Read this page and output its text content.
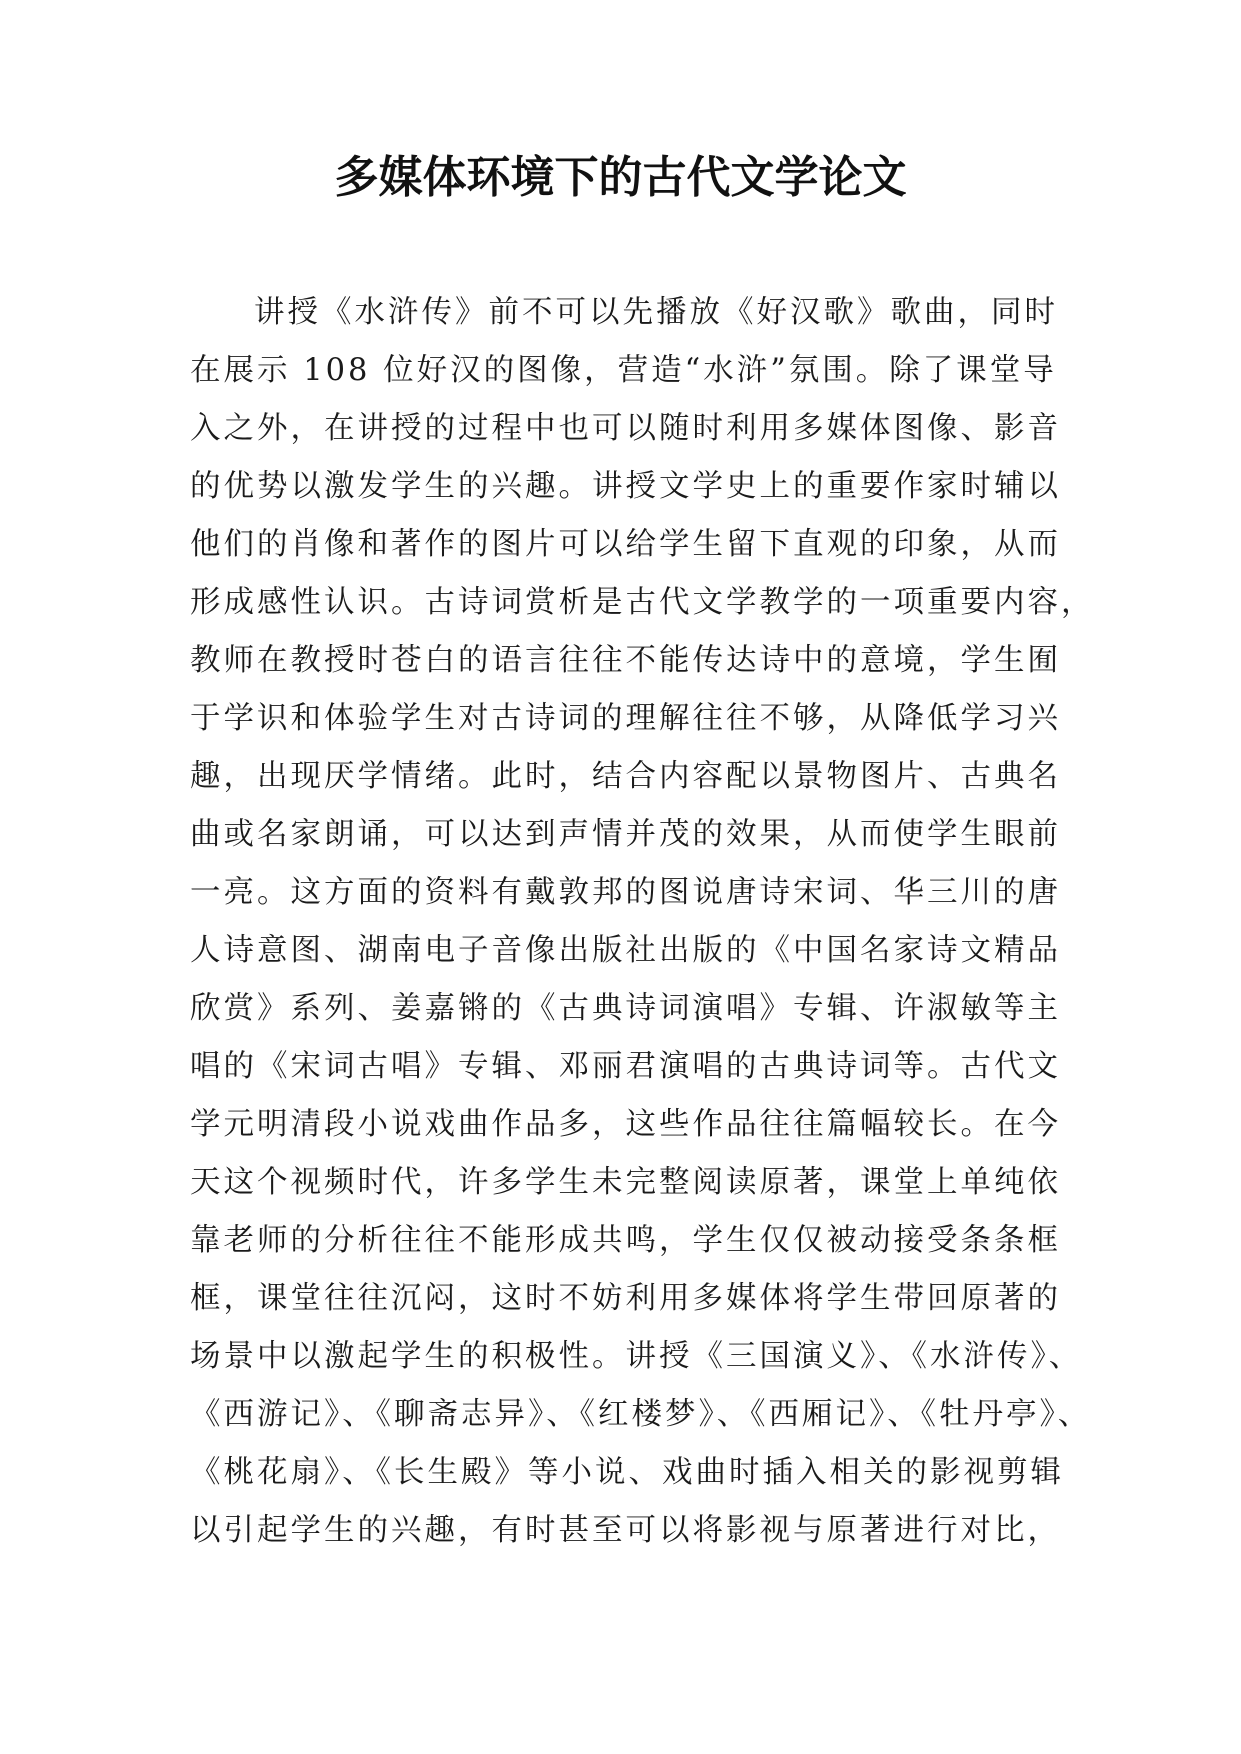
多媒体环境下的古代文学论文
讲授《水浒传》前不可以先播放《好汉歌》歌曲，同时
在展示 108 位好汉的图像，营造“水浒”氛围。除了课堂导
入之外，在讲授的过程中也可以随时利用多媒体图像、影音
的优势以激发学生的兴趣。讲授文学史上的重要作家时辅以
他们的肖像和著作的图片可以给学生留下直观的印象，从而
形成感性认识。古诗词赏析是古代文学教学的一项重要内容，
教师在教授时苍白的语言往往不能传达诗中的意境，学生囿
于学识和体验学生对古诗词的理解往往不够，从降低学习兴
趣，出现厌学情绪。此时，结合内容配以景物图片、古典名
曲或名家朗诵，可以达到声情并茂的效果，从而使学生眼前
一亮。这方面的资料有戴敦邦的图说唐诗宋词、华三川的唐
人诗意图、湖南电子音像出版社出版的《中国名家诗文精品
欣赏》系列、姜嘉锵的《古典诗词演唱》专辑、许淑敏等主
唱的《宋词古唱》专辑、邓丽君演唱的古典诗词等。古代文
学元明清段小说戏曲作品多，这些作品往往篇幅较长。在今
天这个视频时代，许多学生未完整阅读原著，课堂上单纯依
靠老师的分析往往不能形成共鸣，学生仅仅被动接受条条框
框，课堂往往沉闷，这时不妨利用多媒体将学生带回原著的
场景中以激起学生的积极性。讲授《三国演义》、《水浒传》、
《西游记》、《聊斋志异》、《红楼梦》、《西厢记》、《牡丹亭》、
《桃花扇》、《长生殿》等小说、戏曲时插入相关的影视剪辑
以引起学生的兴趣，有时甚至可以将影视与原著进行对比，
